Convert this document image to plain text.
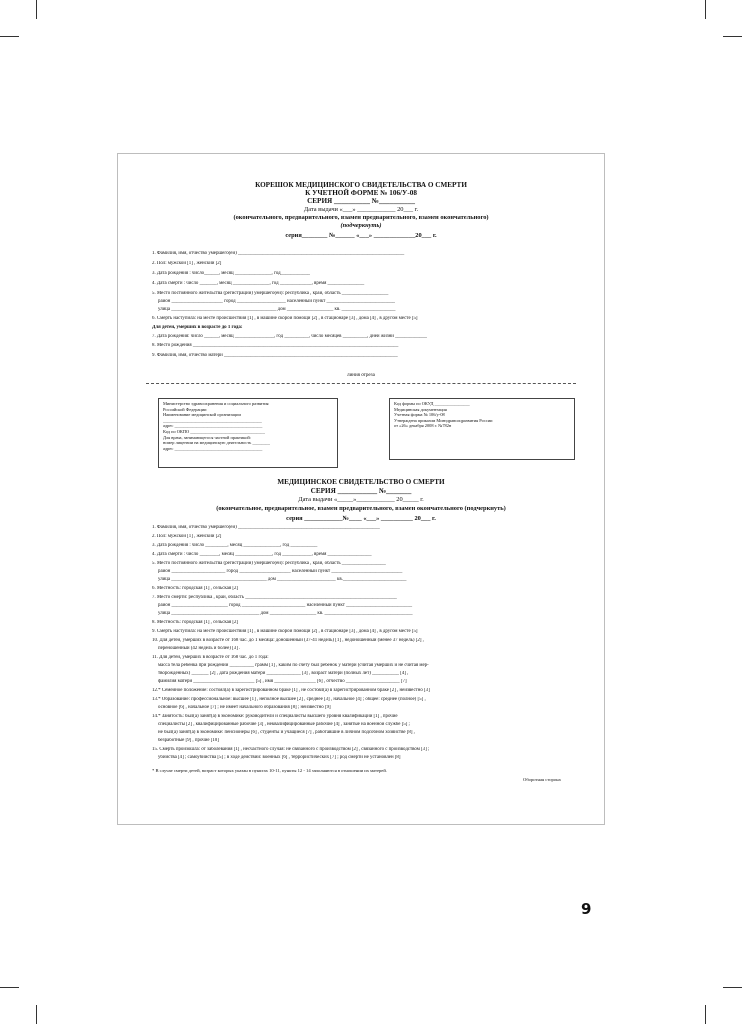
КОРЕШОК МЕДИЦИНСКОГО СВИДЕТЕЛЬСТВА О СМЕРТИ
К УЧЕТНОЙ ФОРМЕ № 106/У-08
СЕРИЯ __________ №__________
Дата выдачи «___» ____________ 20___ г.
(окончательного, предварительного, взамен предварительного, взамен окончательного)
(подчеркнуть)
серия________ №______ «___» _____________20___ г.
1. Фамилия, имя, отчество умершего(ей) ____________________________________________________________________
2. Пол: мужской [1] , женский [2]
3. Дата рождения : число______, месяц _______________, год____________
4. Дата смерти : число _______, месяц _______________, год _____________, время _______________
5. Место постоянного жительства (регистрации) умершего(ей): республика , край, область ___________________
район _____________________ город ____________________ населенный пункт ____________________________
улица ___________________________________________ дом ___________________ кв. ______________________
6. Смерть наступила: на месте происшествия [1] , в машине скорой помощи [2] , в стационаре [3] , дома [4] , в другом месте [5]
Для детей, умерших в возрасте до 1 года:
7. Дата рождения: число ______, месяц ________________, год __________, число месяцев __________, дней жизни _____________
8. Место рождения ____________________________________________________________________________________
9. Фамилия, имя, отчество матери _______________________________________________________________________
линия отреза
Министерство здравоохранения и социального развития
Российской Федерации
Наименование медицинской организации
_____________________________________________
адрес ________________________________________
Код по ОКПО __________________________________
Для врача, занимающегося частной практикой:
номер лицензии на медицинскую деятельность ________
адрес ________________________________________
Код формы по ОКУД ________________
Медицинская документация
Учетная форма № 106/у-08
Утверждена приказом Минздравсоцразвития России
от «26» декабря 2008 г. №782н
МЕДИЦИНСКОЕ СВИДЕТЕЛЬСТВО О СМЕРТИ
СЕРИЯ ___________ №_______
Дата выдачи «_____»____________ 20_____ г.
(окончательное, предварительное, взамен предварительного, взамен окончательного (подчеркнуть)
серия ____________№____ «___» __________ 20___ г.
1. Фамилия, имя, отчество умершего(ей) __________________________________________________________
2. Пол: мужской [1] , женский [2]
3. Дата рождения : число _________, месяц _______________, год ___________
4. Дата смерти : число ________, месяц _______________, год ____________, время __________________
5. Место постоянного жительства (регистрации) умершего(ей): республика , край, область __________________
район ______________________ город _____________________ населенный пункт _____________________________
улица _______________________________________ дом ________________________ кв.__________________________
6. Местность: городская [1] , сельская [2]
7. Место смерти: республика , край, область ______________________________________________________________
район _______________________ город __________________________ населенный пункт ___________________________
улица ____________________________________ дом ___________________ кв. ____________________________________
8. Местность: городская [1] , сельская [2]
9. Смерть наступила: на месте происшествия [1] , в машине скорой помощи [2] , в стационаре [3] , дома [4] , в другом месте [5]
10. Для детей, умерших в возрасте от 168 час. до 1 месяца: доношенный (37-41 недель) [1] , недоношенный (менее 37 недель) [2] ,
переношенный (42 недель и более) [3] .
11. Для детей, умерших в возрасте от 168 час. до 1 года:
масса тела ребенка при рождении __________ грамм [1] , каким по счету был ребенок у матери (считая умерших и не считая мер-
творожденных) _______ [2] , дата рождения матери ______________ [3] , возраст матери (полных лет) ___________ [4] ,
фамилия матери _________________________ [5] , имя _________________ [6] , отчество ______________________ [7]
12.* Семейное положение: состоял(а) в зарегистрированном браке [1] , не состоял(а) в зарегистрированном браке [2] , неизвестно [3]
13.* Образование: профессиональное: высшее [1] , неполное высшее [2] , среднее [3] , начальное [4] ; общее: среднее (полное) [5] ,
основное [6] , начальное [7] ; не имеет начального образования [8] ; неизвестно [9]
14.* Занятость: был(а) занят(а) в экономике: руководители и специалисты высшего уровня квалификации [1] , прочие
специалисты [2] , квалифицированные рабочие [3] , неквалифицированные рабочие [4] , занятые на военной службе [5] ;
не был(а) занят(а) в экономике: пенсионеры [6] , студенты и учащиеся [7] , работавшие в личном подсобном хозяйстве [8] ,
безработные [9] , прочие [10]
15. Смерть произошла: от заболевания [1] , несчастного случая: не связанного с производством [2] , связанного с производством [3] ;
убийства [4] ; самоубийства [5] ; в ходе действий: военных [6] , террористических [7] ; род смерти не установлен [8]
* В случае смерти детей, возраст которых указан в пунктах 10-11, пункты 12 - 14 заполняются в отношении их матерей.
Оборотная сторона
9
